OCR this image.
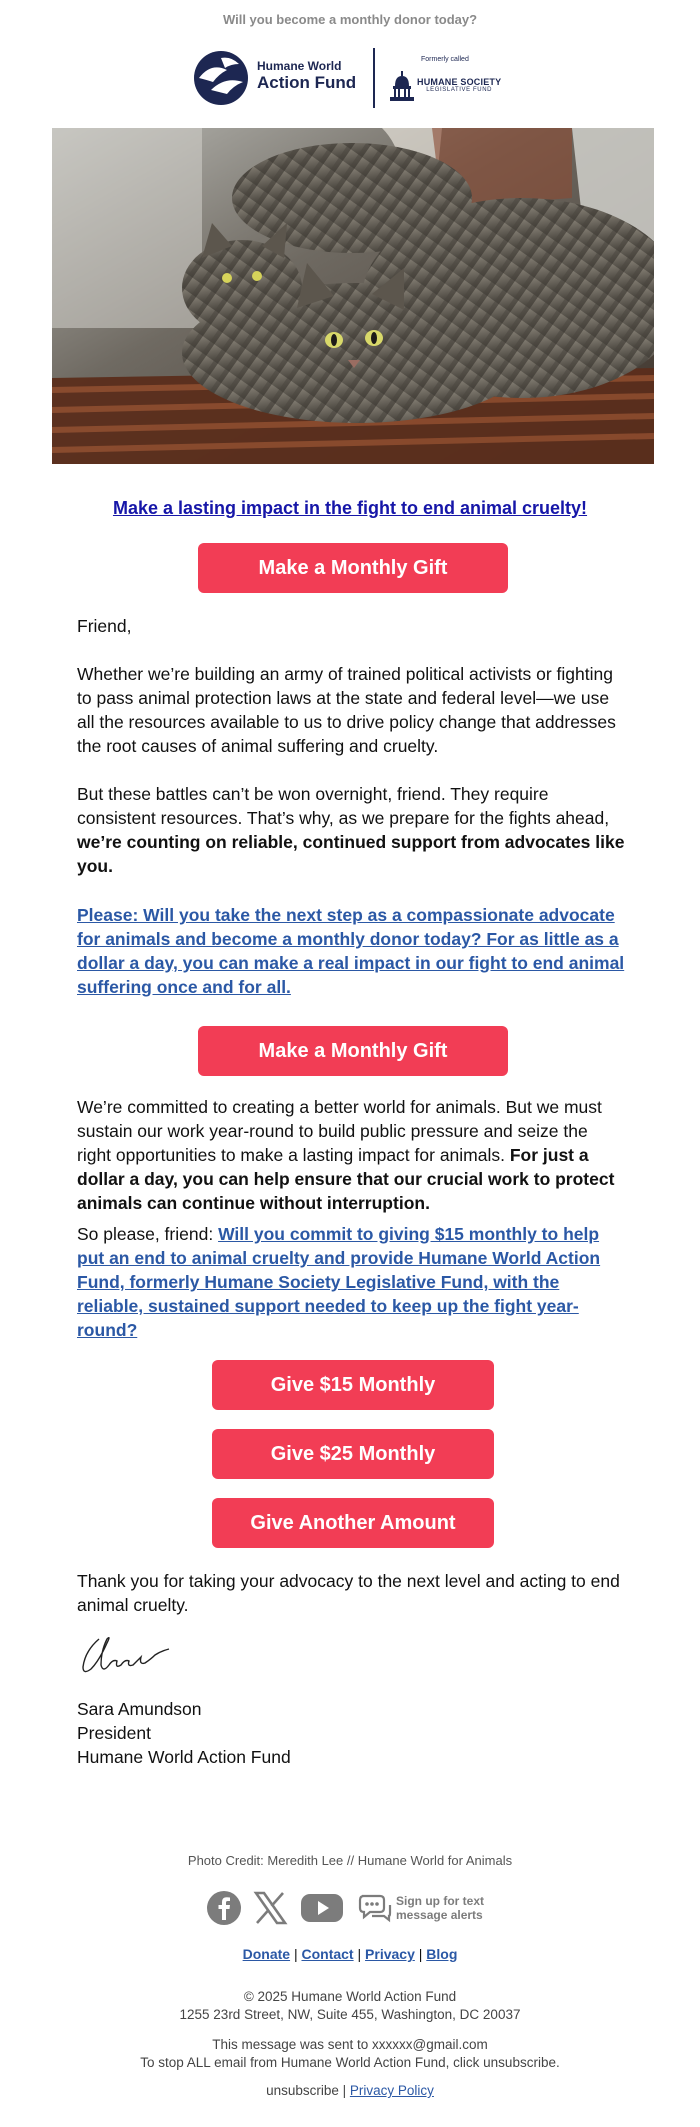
Will you become a monthly donor today?
Humane World
Action Fund
Formerly called
HUMANE SOCIETY
LEGISLATIVE FUND
Make a lasting impact in the fight to end animal cruelty!
Make a Monthly Gift
Friend,
Whether we’re building an army of trained political activists or fighting to pass animal protection laws at the state and federal level—we use all the resources available to us to drive policy change that addresses the root causes of animal suffering and cruelty.
But these battles can’t be won overnight, friend. They require consistent resources. That’s why, as we prepare for the fights ahead, we’re counting on reliable, continued support from advocates like you.
Please: Will you take the next step as a compassionate advocate for animals and become a monthly donor today? For as little as a dollar a day, you can make a real impact in our fight to end animal suffering once and for all.
Make a Monthly Gift
We’re committed to creating a better world for animals. But we must sustain our work year-round to build public pressure and seize the right opportunities to make a lasting impact for animals. For just a dollar a day, you can help ensure that our crucial work to protect animals can continue without interruption.
So please, friend: Will you commit to giving $15 monthly to help put an end to animal cruelty and provide Humane World Action Fund, formerly Humane Society Legislative Fund, with the reliable, sustained support needed to keep up the fight year-round?
Give $15 Monthly
Give $25 Monthly
Give Another Amount
Thank you for taking your advocacy to the next level and acting to end animal cruelty.
Sara Amundson
President
Humane World Action Fund
Photo Credit: Meredith Lee // Humane World for Animals
Sign up for text
message alerts
Donate | Contact | Privacy | Blog
© 2025 Humane World Action Fund
1255 23rd Street, NW, Suite 455, Washington, DC 20037
This message was sent to xxxxxx@gmail.com
To stop ALL email from Humane World Action Fund, click unsubscribe.
unsubscribe | Privacy Policy
